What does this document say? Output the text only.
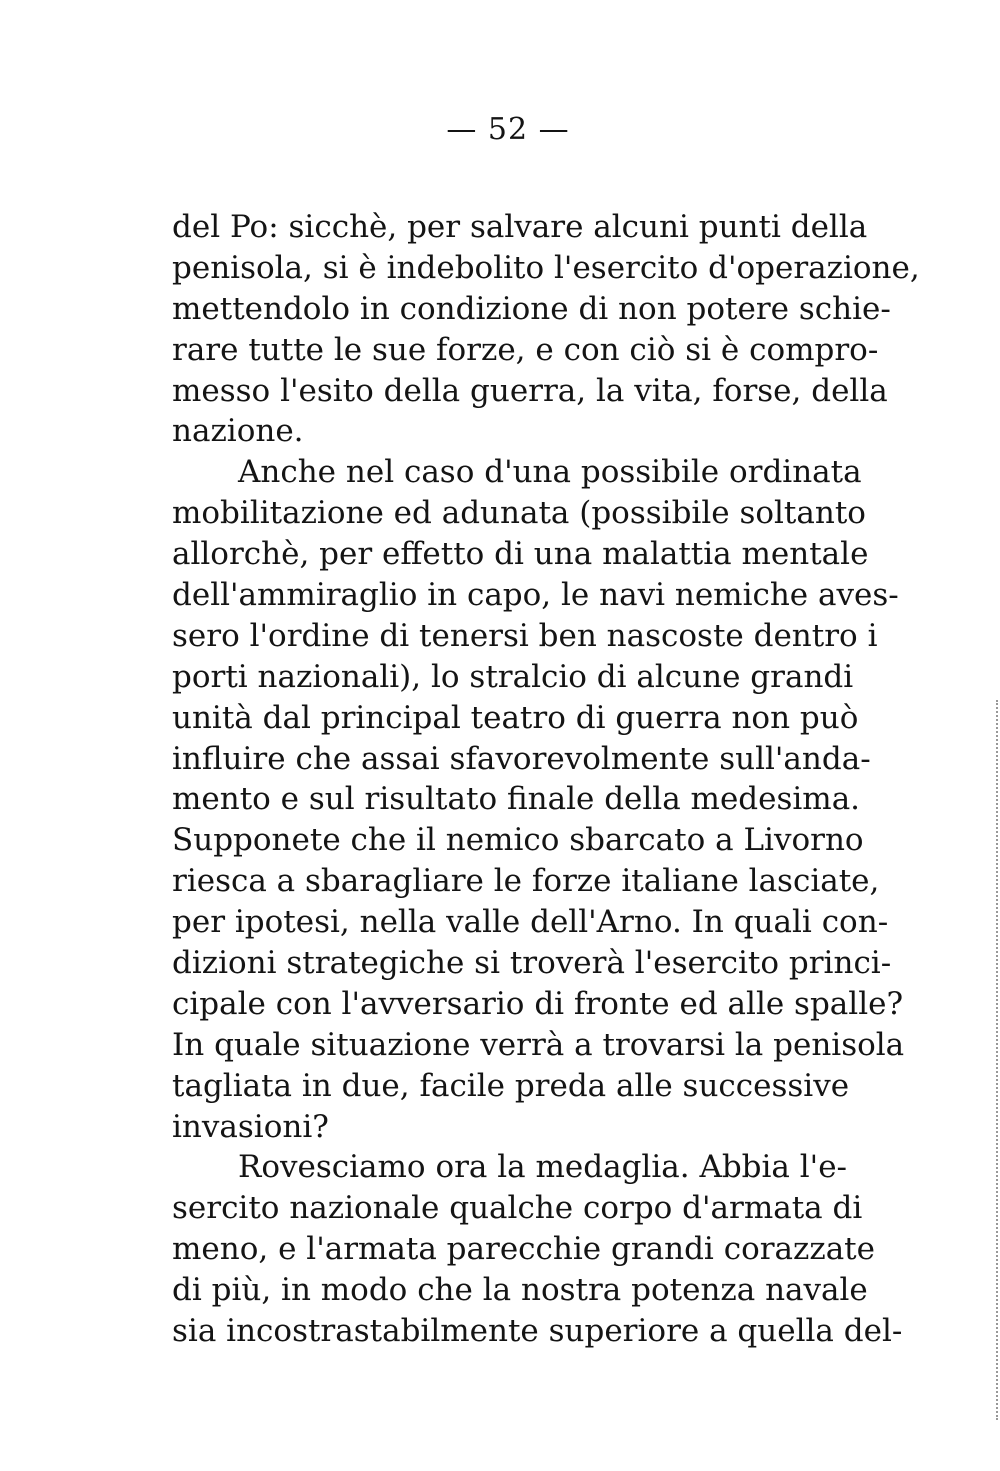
— 52 —
del Po: sicchè, per salvare alcuni punti della
penisola, si è indebolito l'esercito d'operazione,
mettendolo in condizione di non potere schie-
rare tutte le sue forze, e con ciò si è compro-
messo l'esito della guerra, la vita, forse, della
nazione.
Anche nel caso d'una possibile ordinata
mobilitazione ed adunata (possibile soltanto
allorchè, per effetto di una malattia mentale
dell'ammiraglio in capo, le navi nemiche aves-
sero l'ordine di tenersi ben nascoste dentro i
porti nazionali), lo stralcio di alcune grandi
unità dal principal teatro di guerra non può
influire che assai sfavorevolmente sull'anda-
mento e sul risultato finale della medesima.
Supponete che il nemico sbarcato a Livorno
riesca a sbaragliare le forze italiane lasciate,
per ipotesi, nella valle dell'Arno. In quali con-
dizioni strategiche si troverà l'esercito princi-
cipale con l'avversario di fronte ed alle spalle?
In quale situazione verrà a trovarsi la penisola
tagliata in due, facile preda alle successive
invasioni?
Rovesciamo ora la medaglia. Abbia l'e-
sercito nazionale qualche corpo d'armata di
meno, e l'armata parecchie grandi corazzate
di più, in modo che la nostra potenza navale
sia incostrastabilmente superiore a quella del-
